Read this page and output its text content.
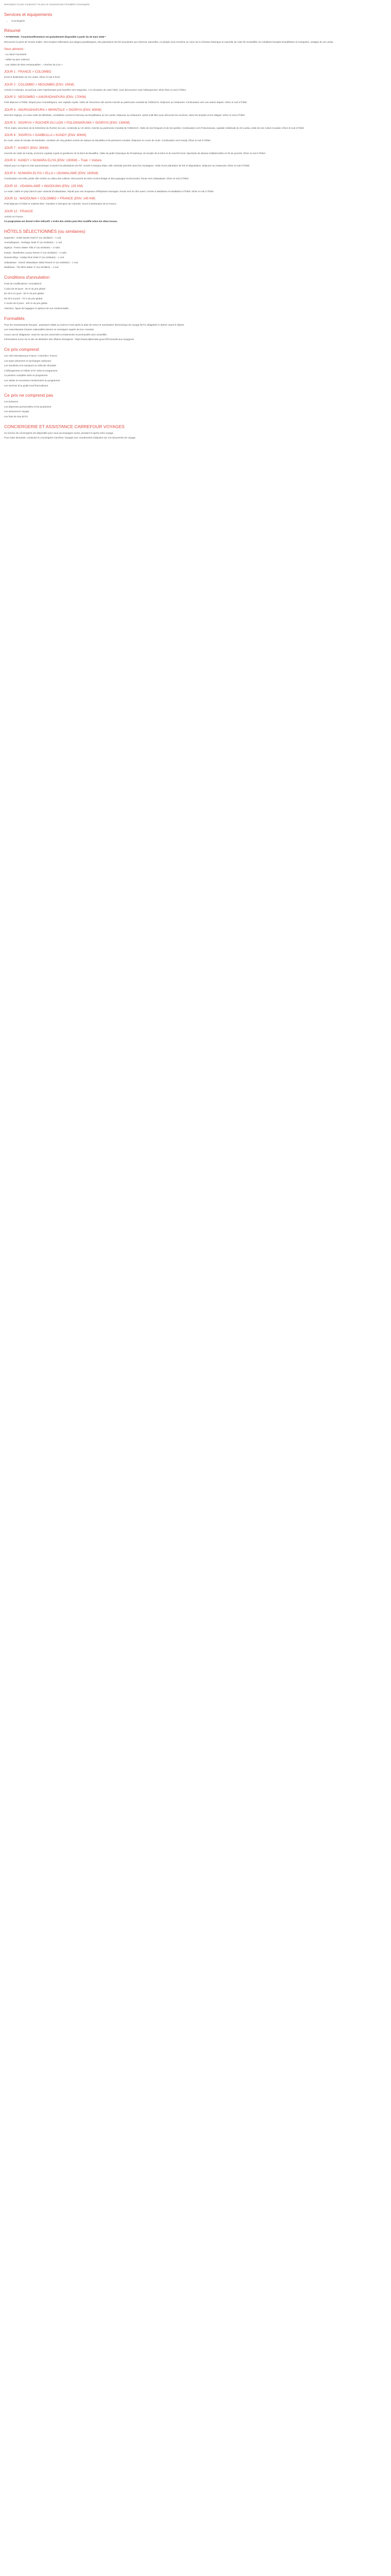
Description Ce prix comprend / Ce prix ne comprend pas Formalités Conciergerie
Services et équipements
• Conciergerie
Résumé

* ATTENTION : l'ouverture/fermeture est gratuitement disponible à partir du 25 mars 2026 *

Découvrez la perle de l'océan Indien. Des temples millénaires aux plages paradisiaques, des plantations de thé luxuriantes aux réserves naturelles, ce périple vous emmène au cœur de la richesse historique et naturelle de cette île ensoleillée où cohabitent temples bouddhistes et mosquées, vestiges du Sri Lanka.

Vous aimerez :

- La nature luxuriante

- Safari au parc national

- Les visites de sites remarquables : « Rocher du Lion »

JOUR 1 : FRANCE > COLOMBO

Envol à destination du Sri Lanka. Dîner et nuit à bord.

JOUR 2 : COLOMBO > NEGOMBO (ENV. 15KM)

Arrivée à Colombo, accueil par votre représentant puis transfert vers Negombo. À la réception de votre hôtel, vous découvrirez votre hébergement. Dîner libre et nuit à l'hôtel.

JOUR 3 : NEGOMBO > ANURADHAPURA (ENV. 170KM)

Petit déjeuner à l'hôtel. Départ pour Anuradhapura, une capitale royale. Visite de l'ancienne cité sacrée inscrite au patrimoine mondial de l'UNESCO. Déjeuner au restaurant. Continuation vers vos autres étapes. Dîner et nuit à l'hôtel.

JOUR 4 : ANURADHAPURA > MIHINTALE > SIGIRIYA (ENV. 80KM)

Direction Sigiriya, en route visite de Mihintale, considérée comme le berceau du bouddhisme au Sri Lanka. Déjeuner au restaurant. Après-midi libre pour découvrir les environs, dans les temples et les villages. Dîner et nuit à l'hôtel.

JOUR 5 : SIGIRIYA > ROCHER DU LION > POLONNARUWA > SIGIRIYA (ENV. 130KM)

Tôt le matin, ascension de la forteresse du Rocher du Lion, construite au Ve siècle, inscrite au patrimoine mondial de l'UNESCO. Visite de ses fresques et de ses jardins. Continuation vers Polonnaruwa, capitale médiévale du Sri Lanka, visite de ses ruines et palais. Dîner et nuit à l'hôtel.

JOUR 6 : SIGIRIYA > DAMBULLA > KANDY (ENV. 90KM)

En route, visite du temple de Dambulla, constitué de cinq grottes ornées de statues du Bouddha et de peintures murales. Déjeuner en cours de route. Continuation vers Kandy. Dîner et nuit à l'hôtel.

JOUR 7 : KANDY (ENV. 35KM)

Journée de visite de Kandy, ancienne capitale royale et gardienne de la Dent de Bouddha. Visite du jardin botanique de Peradeniya, du temple de la Dent et du marché local. Spectacle de danses traditionnelles en fin de journée. Dîner et nuit à l'hôtel.

JOUR 8 : KANDY > NUWARA ELIYA (ENV. 100KM) – Train + Voiture

Départ pour un trajet en train panoramique à travers les plantations de thé. Arrivée à Nuwara Eliya, ville coloniale perchée dans les montagnes. Visite d'une plantation de thé et dégustation. Déjeuner au restaurant. Dîner et nuit à l'hôtel.

JOUR 9 : NUWARA ELIYA > ELLA > UDAWALAWE (ENV. 160KM)

Continuation vers Ella, petite ville nichée au milieu des collines. Découverte du Nine Arches Bridge et des paysages environnants. Route vers Udawalawe. Dîner et nuit à l'hôtel.

JOUR 10 : UDAWALAWE > WADDUWA (ENV. 135 KM)

Le matin, safari en jeep dans le parc national d'Udawalawe, réputé pour ses troupeaux d'éléphants sauvages. Route vers la côte ouest. Arrivée à Wadduwa et installation à l'hôtel. Dîner et nuit à l'hôtel.

JOUR 11 : WADDUWA > COLOMBO > FRANCE (ENV. 145 KM)

Petit déjeuner à l'hôtel et matinée libre. Transfert à l'aéroport de Colombo. Envol à destination de la France.

JOUR 12 : FRANCE

Arrivée en France.

Ce programme est donné à titre indicatif. L'ordre des visites peut être modifié selon les aléas locaux.

HÔTELS SÉLECTIONNÉS (ou similaires)

Negombo : Goldi Sands Hotel 3* (ou similaire) – 1 nuit

Anuradhapura : Heritage Hotel 3* (ou similaire) – 1 nuit

Sigiriya : Fresco Water Villa 3* (ou similaire) – 2 nuits

Kandy : Randholee Luxury Resort 4* (ou similaire) – 2 nuits

Nuwara Eliya : Araliya Red Hotel 4* (ou similaire) – 1 nuit

Udawalawe : Grand Udawalawe Safari Resort 4* (ou similaire) – 1 nuit

Wadduwa : The Blue Water 4* (ou similaire) – 1 nuit

Conditions d'annulation

Frais de modifications / annulations :

À plus de 30 jours : 25 % du prix global

De 30 à 21 jours : 50 % du prix global

De 20 à 8 jours : 75 % du prix global

À moins de 8 jours : 100 % du prix global

Attention, l'ajout de bagages et options est non remboursable.

Formalités

Pour les ressortissants français : passeport valide au moins 6 mois après la date de retour et autorisation électronique de voyage (ETA) obligatoire à obtenir avant le départ.

Les ressortissants d'autres nationalités doivent se renseigner auprès de leur consulat.

Aucun vaccin obligatoire, mais les vaccins universels et traitements recommandés sont conseillés.

Informations à jour sur le site du Ministère des Affaires étrangères : https://www.diplomatie.gouv.fr/fr/conseils-aux-voyageurs

Ce prix comprend

Les vols internationaux France / Colombo / France

Les taxes aériennes et surcharges carburant

Les transferts et le transport en véhicule climatisé

L'hébergement en hôtels 3*/4* selon le programme

La pension complète selon le programme

Les visites et excursions mentionnées au programme

Les services d'un guide local francophone

Ce prix ne comprend pas

Les boissons

Les dépenses personnelles et les pourboires

Les assurances voyage

Les frais de visa (ETA)

CONCIERGERIE ET ASSISTANCE CARREFOUR VOYAGES

Un service de conciergerie est disponible pour vous accompagner avant, pendant et après votre voyage.

Pour toute demande, contactez la conciergerie Carrefour Voyages aux coordonnées indiquées sur vos documents de voyage.
